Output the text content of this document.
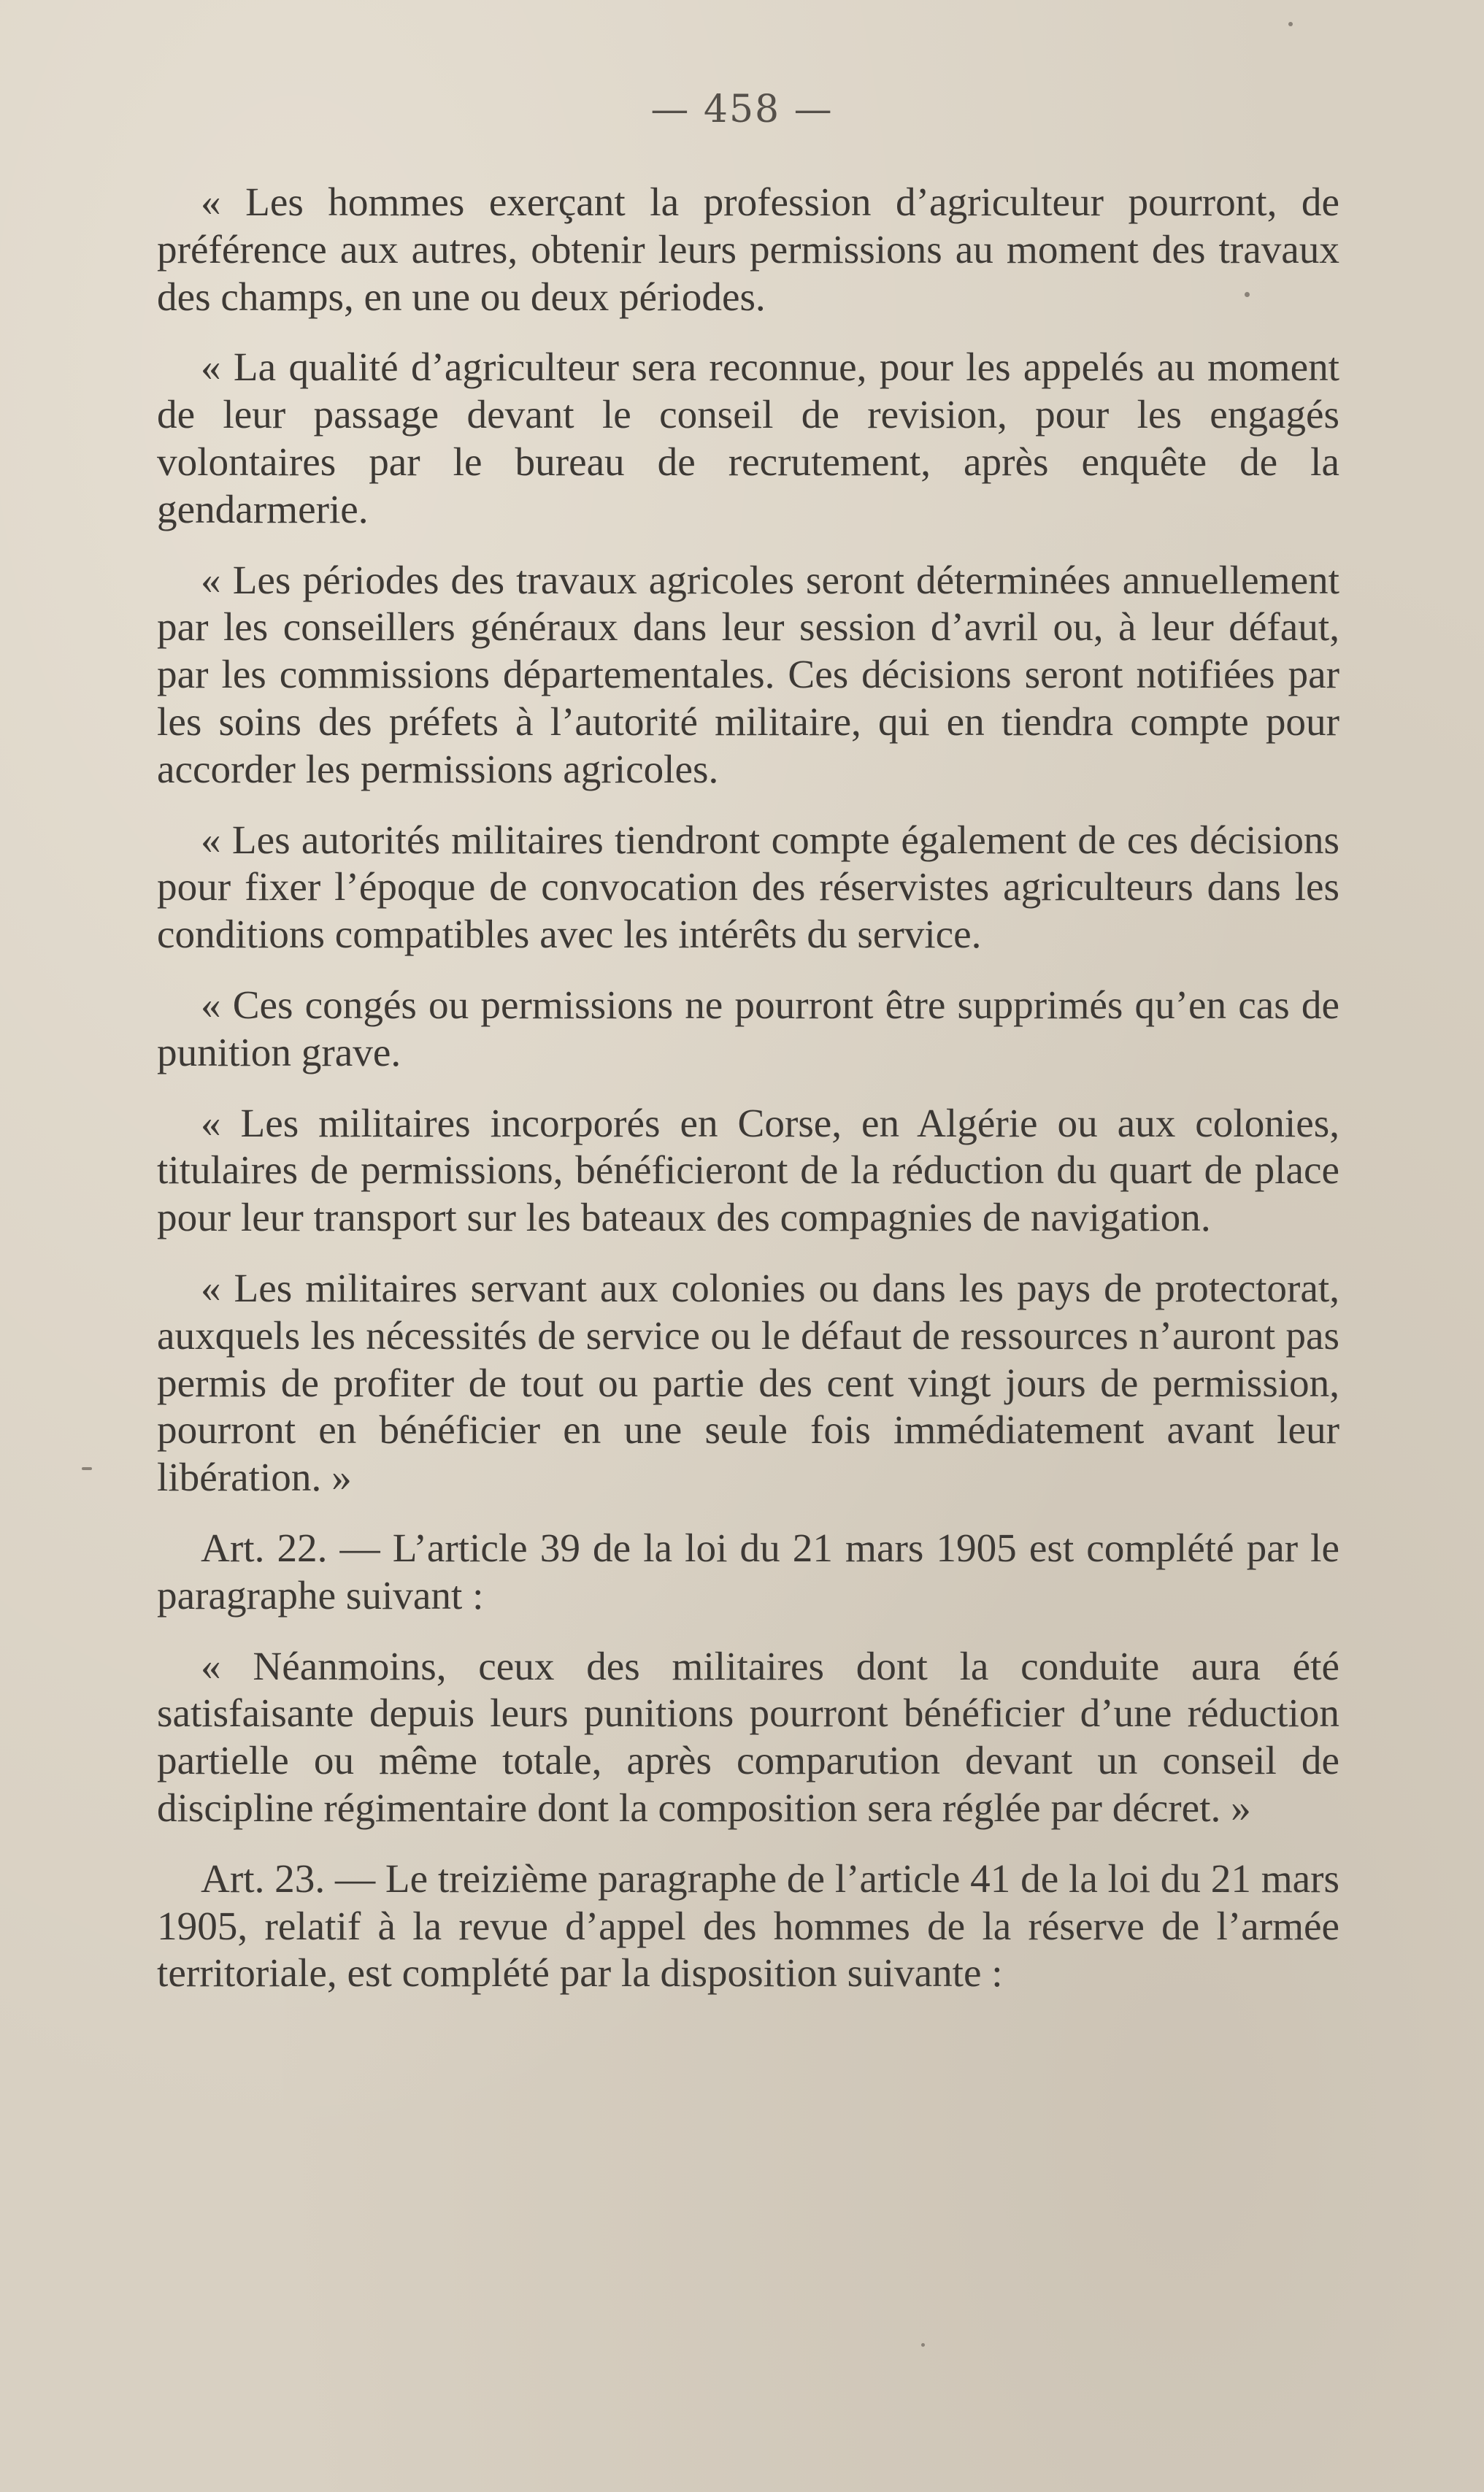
— 458 —

« Les hommes exerçant la profession d’agriculteur pourront, de préférence aux autres, obtenir leurs permissions au moment des travaux des champs, en une ou deux périodes.

« La qualité d’agriculteur sera reconnue, pour les appelés au moment de leur passage devant le conseil de revision, pour les engagés volontaires par le bureau de recrutement, après enquête de la gendarmerie.

« Les périodes des travaux agricoles seront déterminées annuellement par les conseillers généraux dans leur session d’avril ou, à leur défaut, par les commissions départementales. Ces décisions seront notifiées par les soins des préfets à l’autorité militaire, qui en tiendra compte pour accorder les permissions agricoles.

« Les autorités militaires tiendront compte également de ces décisions pour fixer l’époque de convocation des réservistes agriculteurs dans les conditions compatibles avec les intérêts du service.

« Ces congés ou permissions ne pourront être supprimés qu’en cas de punition grave.

« Les militaires incorporés en Corse, en Algérie ou aux colonies, titulaires de permissions, bénéficieront de la réduction du quart de place pour leur transport sur les bateaux des compagnies de navigation.

« Les militaires servant aux colonies ou dans les pays de protectorat, auxquels les nécessités de service ou le défaut de ressources n’auront pas permis de profiter de tout ou partie des cent vingt jours de permission, pourront en bénéficier en une seule fois immédiatement avant leur libération. »

Art. 22. — L’article 39 de la loi du 21 mars 1905 est complété par le paragraphe suivant :

« Néanmoins, ceux des militaires dont la conduite aura été satisfaisante depuis leurs punitions pourront bénéficier d’une réduction partielle ou même totale, après comparution devant un conseil de discipline régimentaire dont la composition sera réglée par décret. »

Art. 23. — Le treizième paragraphe de l’article 41 de la loi du 21 mars 1905, relatif à la revue d’appel des hommes de la réserve de l’armée territoriale, est complété par la disposition suivante :
